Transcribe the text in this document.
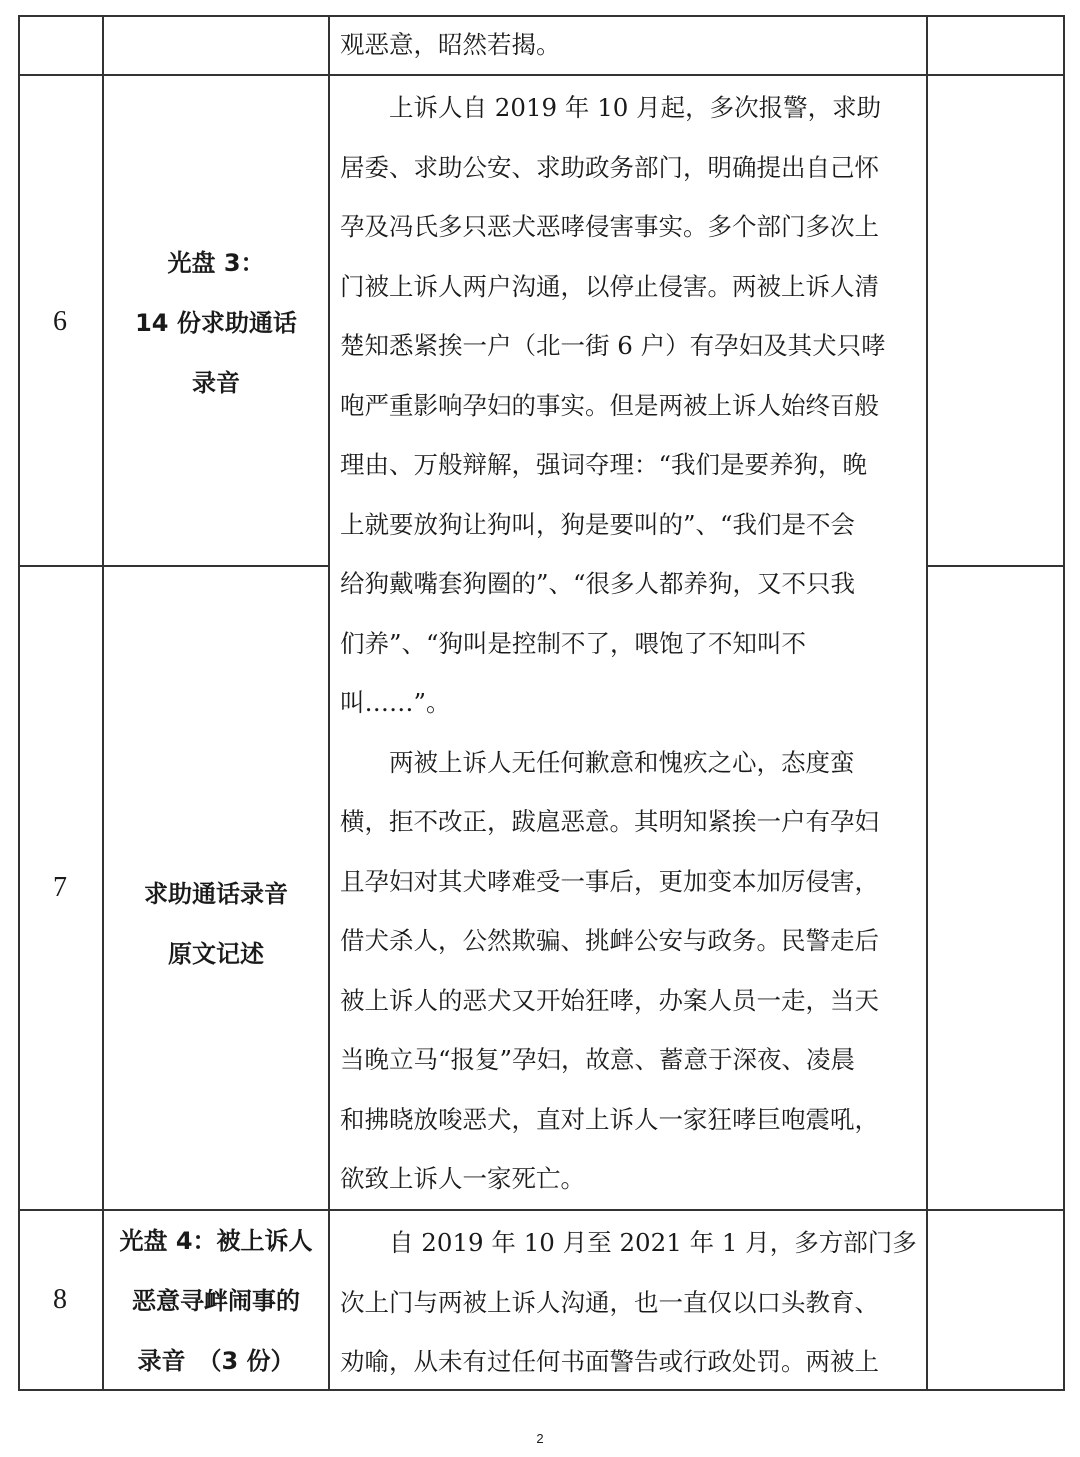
观恶意，昭然若揭。
6
光盘 3：
14 份求助通话
录音
7	求助通话录音
原文记述
　　上诉人自 2019 年 10 月起，多次报警，求助
居委、求助公安、求助政务部门，明确提出自己怀
孕及冯氏多只恶犬恶哮侵害事实。多个部门多次上
门被上诉人两户沟通，以停止侵害。两被上诉人清
楚知悉紧挨一户（北一街 6 户）有孕妇及其犬只哮
咆严重影响孕妇的事实。但是两被上诉人始终百般
理由、万般辩解，强词夺理：“我们是要养狗，晚
上就要放狗让狗叫，狗是要叫的”、“我们是不会
给狗戴嘴套狗圈的”、“很多人都养狗，又不只我
们养”、“狗叫是控制不了，喂饱了不知叫不
叫……”。
　　两被上诉人无任何歉意和愧疚之心，态度蛮
横，拒不改正，跋扈恶意。其明知紧挨一户有孕妇
且孕妇对其犬哮难受一事后，更加变本加厉侵害，
借犬杀人，公然欺骗、挑衅公安与政务。民警走后
被上诉人的恶犬又开始狂哮，办案人员一走，当天
当晚立马“报复”孕妇，故意、蓄意于深夜、凌晨
和拂晓放唆恶犬，直对上诉人一家狂哮巨咆震吼，
欲致上诉人一家死亡。
8
光盘 4：被上诉人
恶意寻衅闹事的
录音　（3 份）
　　自 2019 年 10 月至 2021 年 1 月，多方部门多
次上门与两被上诉人沟通，也一直仅以口头教育、
劝喻，从未有过任何书面警告或行政处罚。两被上
2
